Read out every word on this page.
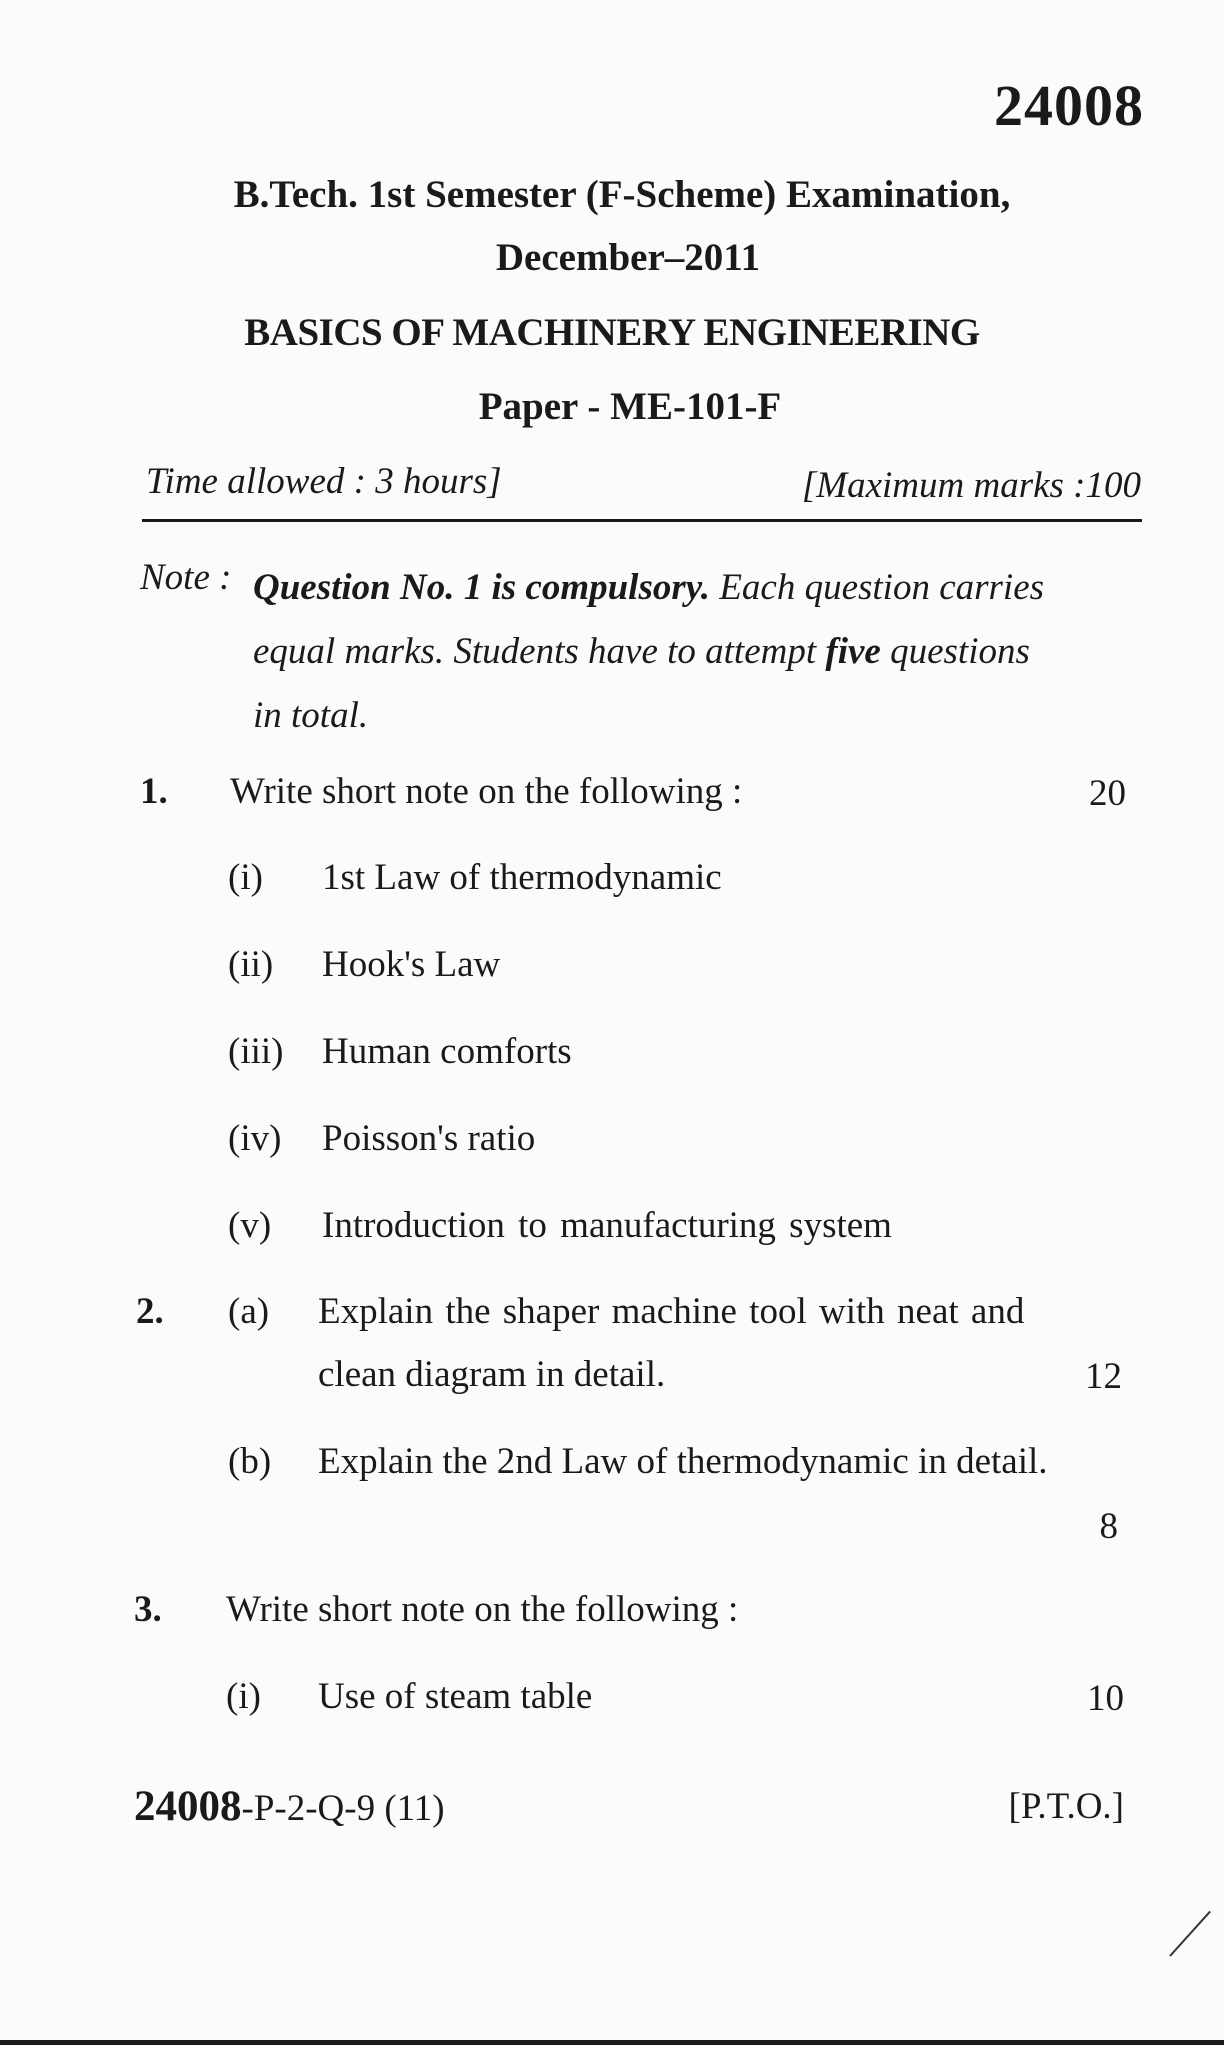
24008
B.Tech. 1st Semester (F-Scheme) Examination,
December–2011
BASICS OF MACHINERY ENGINEERING
Paper - ME-101-F
Time allowed : 3 hours]	[Maximum marks :100
Note : Question No. 1 is compulsory. Each question carries
equal marks. Students have to attempt five questions
in total.
1. Write short note on the following :	20
(i) 1st Law of thermodynamic
(ii) Hook's Law
(iii) Human comforts
(iv) Poisson's ratio
(v) Introduction to manufacturing system
2. (a) Explain the shaper machine tool with neat and
clean diagram in detail.	12
(b) Explain the 2nd Law of thermodynamic in detail.
8
3. Write short note on the following :
(i) Use of steam table	10
24008-P-2-Q-9 (11)	[P.T.O.]
